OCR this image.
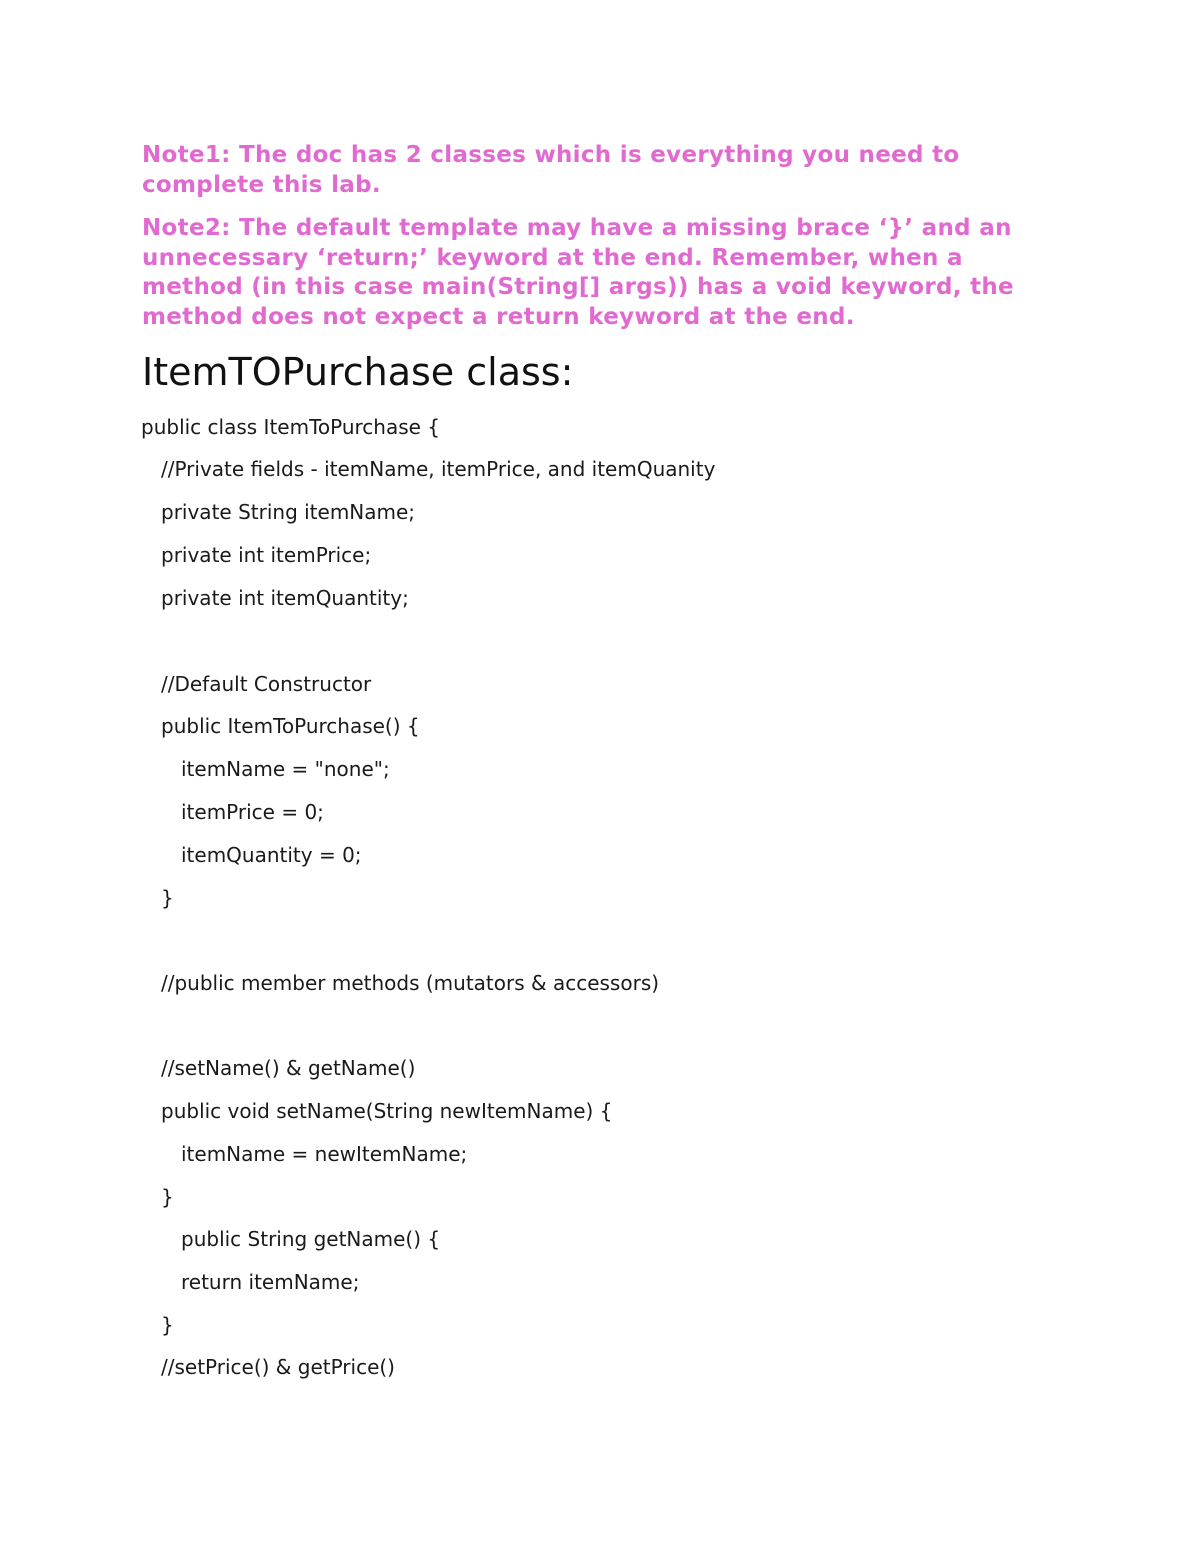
Note1: The doc has 2 classes which is everything you need to complete this lab.

Note2: The default template may have a missing brace ‘}’ and an unnecessary ‘return;’ keyword at the end. Remember, when a method (in this case main(String[] args)) has a void keyword, the method does not expect a return keyword at the end.

ItemTOPurchase class:

public class ItemToPurchase {

//Private fields - itemName, itemPrice, and itemQuanity

private String itemName;

private int itemPrice;

private int itemQuantity;

//Default Constructor

public ItemToPurchase() {

itemName = "none";

itemPrice = 0;

itemQuantity = 0;

}

//public member methods (mutators & accessors)

//setName() & getName()

public void setName(String newItemName) {

itemName = newItemName;

}

public String getName() {

return itemName;

}

//setPrice() & getPrice()
